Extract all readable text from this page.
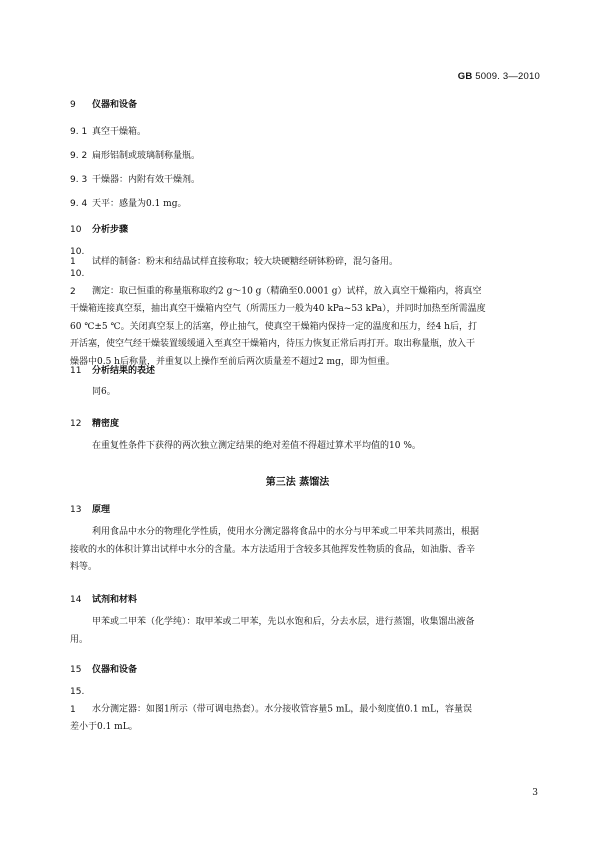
GB 5009. 3—2010
9 仪器和设备
9. 1 真空干燥箱。
9. 2 扁形铝制或玻璃制称量瓶。
9. 3 干燥器：内附有效干燥剂。
9. 4 天平：感量为0.1 mg。
10 分析步骤
10. 1 试样的制备：粉末和结晶试样直接称取；较大块硬糖经研钵粉碎，混匀备用。
10. 2 测定：取已恒重的称量瓶称取约2 g～10 g（精确至0.0001 g）试样，放入真空干燥箱内，将真空
干燥箱连接真空泵，抽出真空干燥箱内空气（所需压力一般为40 kPa~53 kPa），并同时加热至所需温度
60 ℃±5 ℃。关闭真空泵上的活塞，停止抽气，使真空干燥箱内保持一定的温度和压力，经4 h后，打
开活塞，使空气经干燥装置缓缓通入至真空干燥箱内，待压力恢复正常后再打开。取出称量瓶，放入干
燥器中0.5 h后称量，并重复以上操作至前后两次质量差不超过2 mg，即为恒重。
11 分析结果的表述
同6。
12 精密度
在重复性条件下获得的两次独立测定结果的绝对差值不得超过算术平均值的10 %。
第三法 蒸馏法
13 原理
利用食品中水分的物理化学性质，使用水分测定器将食品中的水分与甲苯或二甲苯共同蒸出，根据
接收的水的体积计算出试样中水分的含量。本方法适用于含较多其他挥发性物质的食品，如油脂、香辛
料等。
14 试剂和材料
甲苯或二甲苯（化学纯）：取甲苯或二甲苯，先以水饱和后，分去水层，进行蒸馏，收集馏出液备
用。
15 仪器和设备
15. 1 水分测定器：如图1所示（带可调电热套）。水分接收管容量5 mL，最小刻度值0.1 mL，容量误
差小于0.1 mL。
3
